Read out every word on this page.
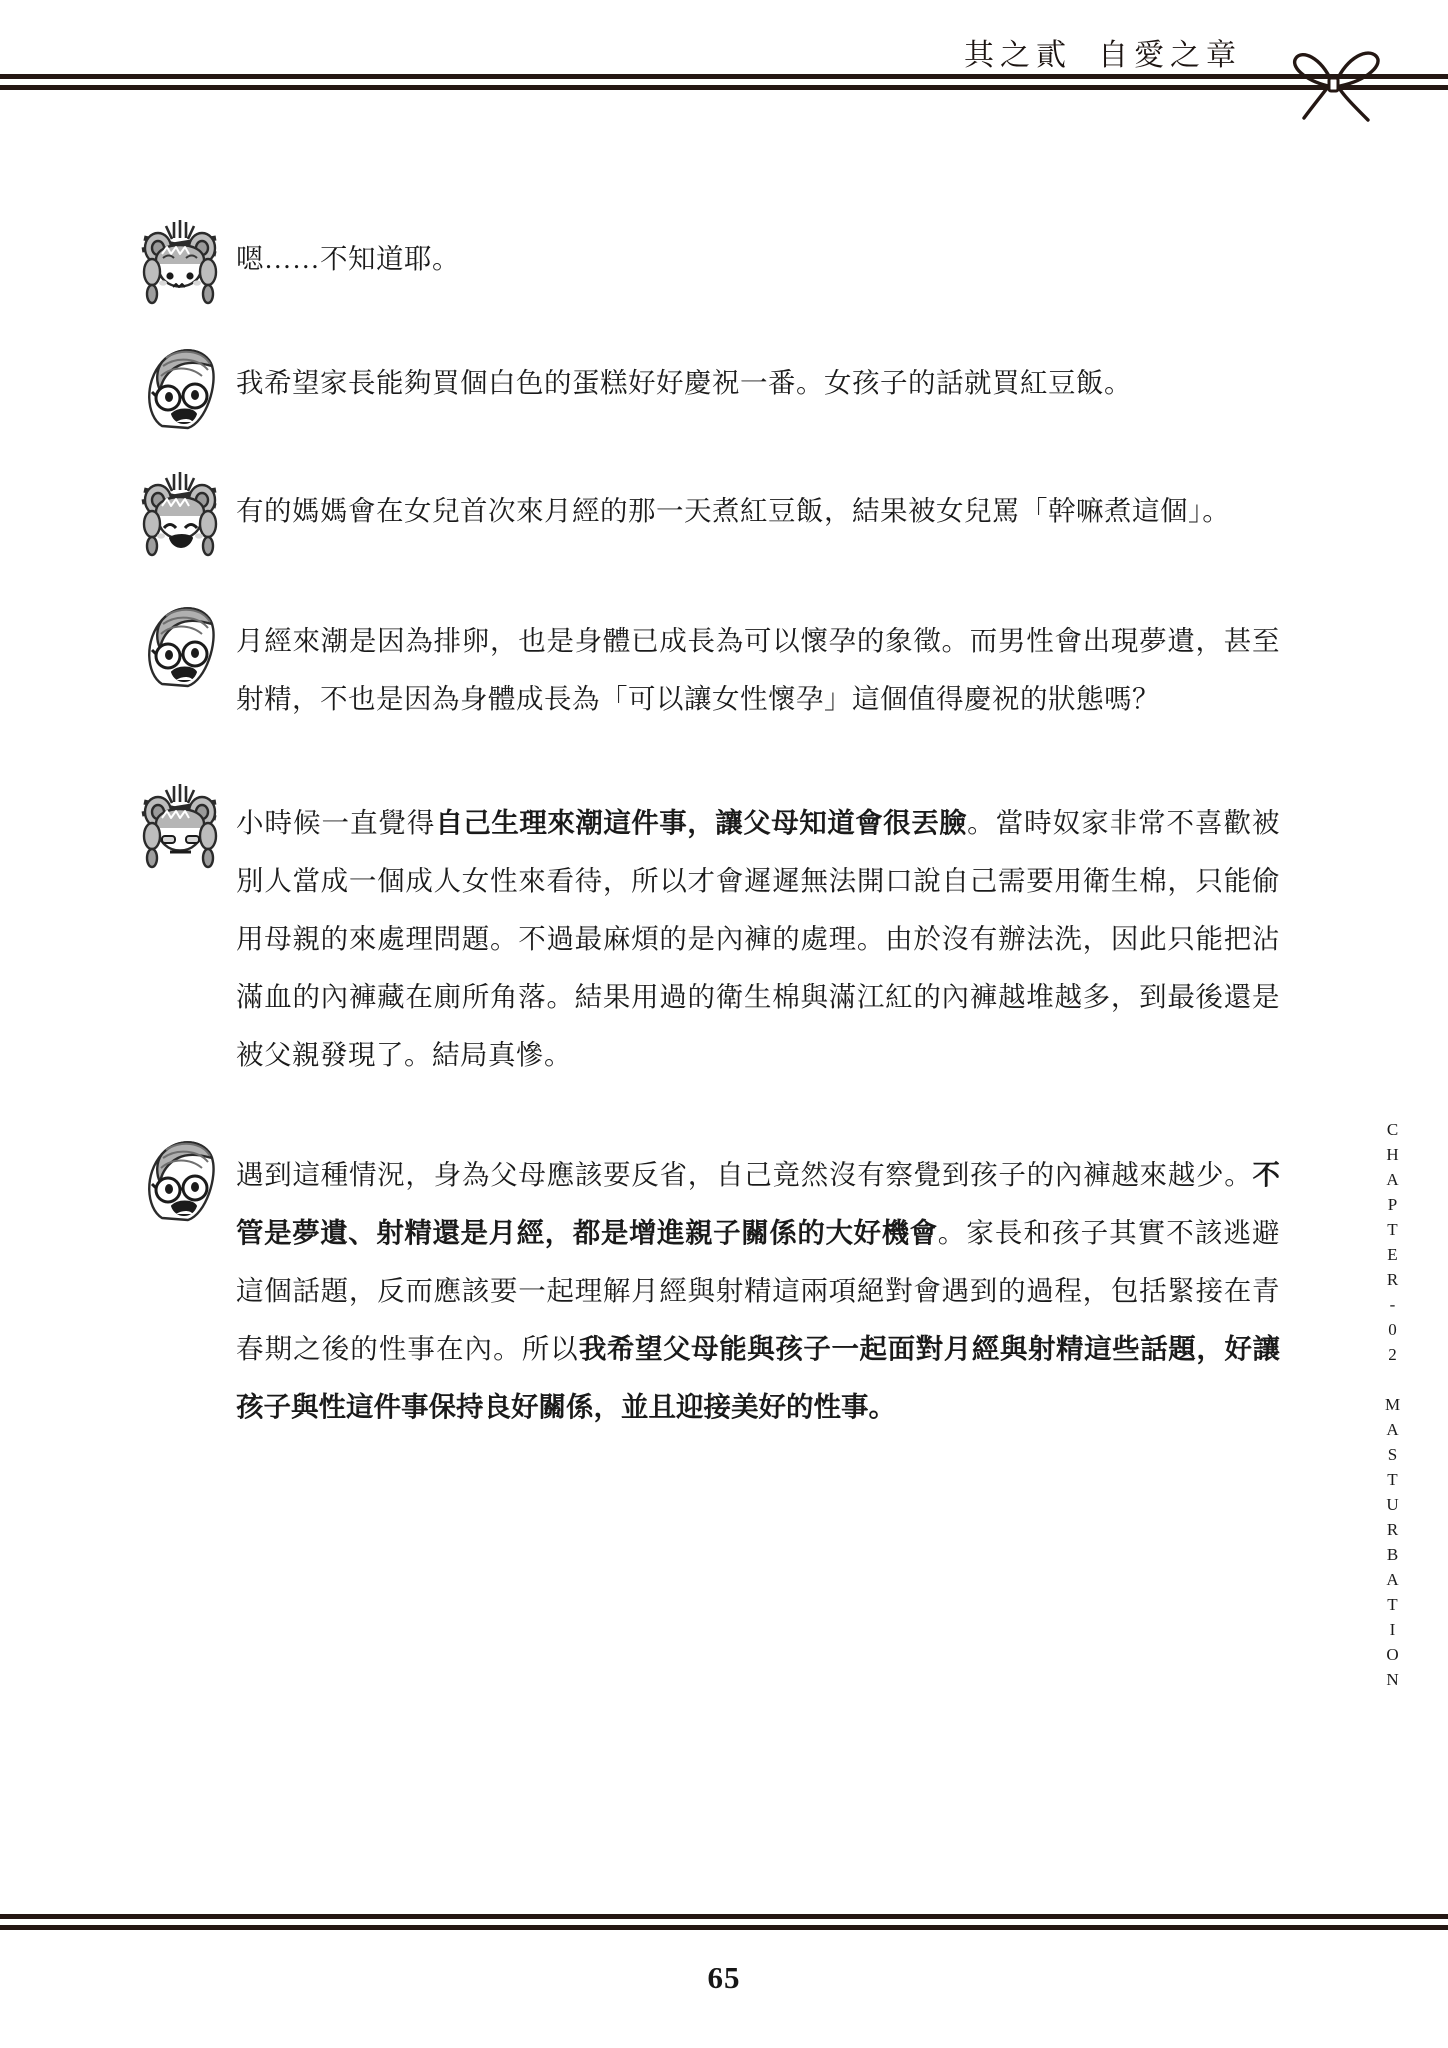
其之貳 自愛之章
嗯……不知道耶。
我希望家長能夠買個白色的蛋糕好好慶祝一番。女孩子的話就買紅豆飯。
有的媽媽會在女兒首次來月經的那一天煮紅豆飯，結果被女兒罵「幹嘛煮這個」。
月經來潮是因為排卵，也是身體已成長為可以懷孕的象徵。而男性會出現夢遺，甚至射精，不也是因為身體成長為「可以讓女性懷孕」這個值得慶祝的狀態嗎？
小時候一直覺得自己生理來潮這件事，讓父母知道會很丟臉。當時奴家非常不喜歡被別人當成一個成人女性來看待，所以才會遲遲無法開口說自己需要用衛生棉，只能偷用母親的來處理問題。不過最麻煩的是內褲的處理。由於沒有辦法洗，因此只能把沾滿血的內褲藏在廁所角落。結果用過的衛生棉與滿江紅的內褲越堆越多，到最後還是被父親發現了。結局真慘。
遇到這種情況，身為父母應該要反省，自己竟然沒有察覺到孩子的內褲越來越少。不管是夢遺、射精還是月經，都是增進親子關係的大好機會。家長和孩子其實不該逃避這個話題，反而應該要一起理解月經與射精這兩項絕對會遇到的過程，包括緊接在青春期之後的性事在內。所以我希望父母能與孩子一起面對月經與射精這些話題，好讓孩子與性這件事保持良好關係，並且迎接美好的性事。	CHAPTER-02 MASTURBATION
65
